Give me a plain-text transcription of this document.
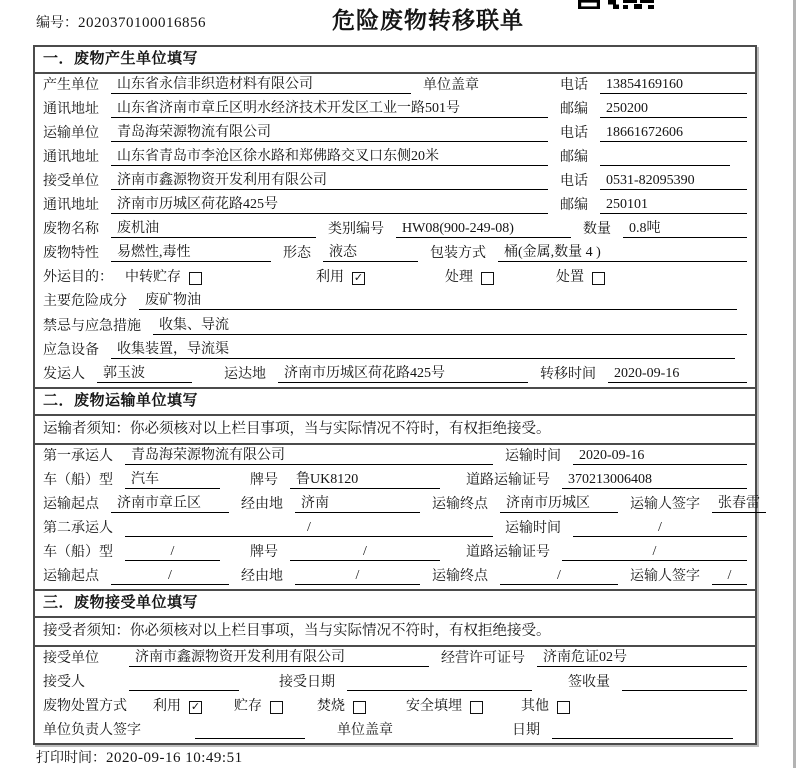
编号：2020370100016856	危险废物转移联单
一．废物产生单位填写
产生单位	山东省永信非织造材料有限公司	单位盖章	电话	13854169160
通讯地址	山东省济南市章丘区明水经济技术开发区工业一路501号	邮编	250200
运输单位	青岛海荣源物流有限公司	电话	18661672606
通讯地址	山东省青岛市李沧区徐水路和郑佛路交叉口东侧20米	邮编
接受单位	济南市鑫源物资开发利用有限公司	电话	0531-82095390
通讯地址	济南市历城区荷花路425号	邮编	250101
废物名称	废机油	类别编号	HW08(900-249-08)	数量	0.8吨
废物特性	易燃性,毒性	形态	液态	包装方式	桶(金属,数量 4 )
外运目的： 中转贮存	利用 ✓	处理	处置
主要危险成分	废矿物油
禁忌与应急措施	收集、导流
应急设备	收集装置，导流渠
发运人	郭玉波	运达地	济南市历城区荷花路425号	转移时间	2020-09-16
二．废物运输单位填写
运输者须知：你必须核对以上栏目事项，当与实际情况不符时，有权拒绝接受。
第一承运人	青岛海荣源物流有限公司	运输时间	2020-09-16
车（船）型	汽车	牌号	鲁UK8120	道路运输证号	370213006408
运输起点	济南市章丘区	经由地	济南	运输终点	济南市历城区	运输人签字	张春雷
第二承运人	/	运输时间	/
车（船）型	/	牌号	/	道路运输证号	/
运输起点	/	经由地	/	运输终点	/	运输人签字	/
三．废物接受单位填写
接受者须知：你必须核对以上栏目事项，当与实际情况不符时，有权拒绝接受。
接受单位	济南市鑫源物资开发利用有限公司	经营许可证号	济南危证02号
接受人	接受日期	签收量
废物处置方式 利用 ✓ 贮存	焚烧	安全填埋	其他
单位负责人签字	单位盖章	日期
打印时间：2020-09-16 10:49:51
